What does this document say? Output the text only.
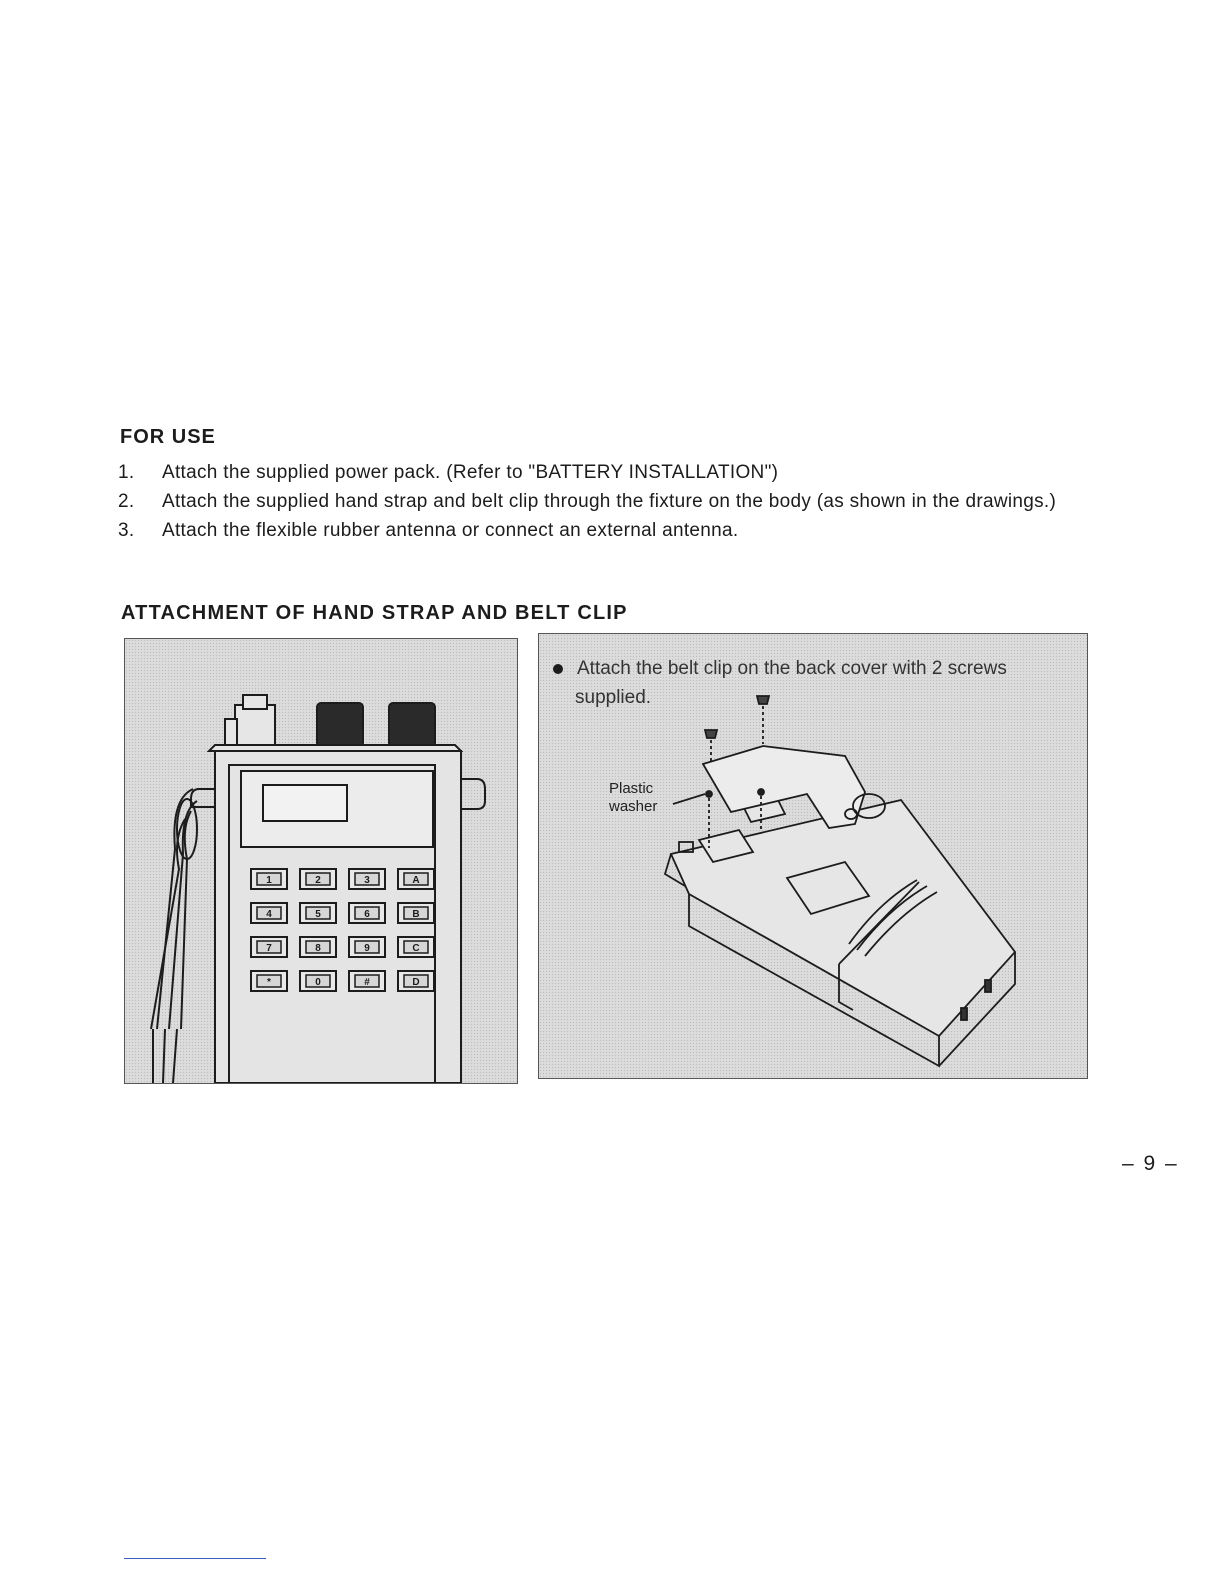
FOR USE
1. Attach the supplied power pack. (Refer to "BATTERY INSTALLATION")
2. Attach the supplied hand strap and belt clip through the fixture on the body (as shown in the drawings.)
3. Attach the flexible rubber antenna or connect an external antenna.
ATTACHMENT OF HAND STRAP AND BELT CLIP
1	2	3	A
4	5	6	B
7	8	9	C
*	0	#	D
Attach the belt clip on the back cover with 2 screws
supplied.
Plastic
washer
– 9 –
